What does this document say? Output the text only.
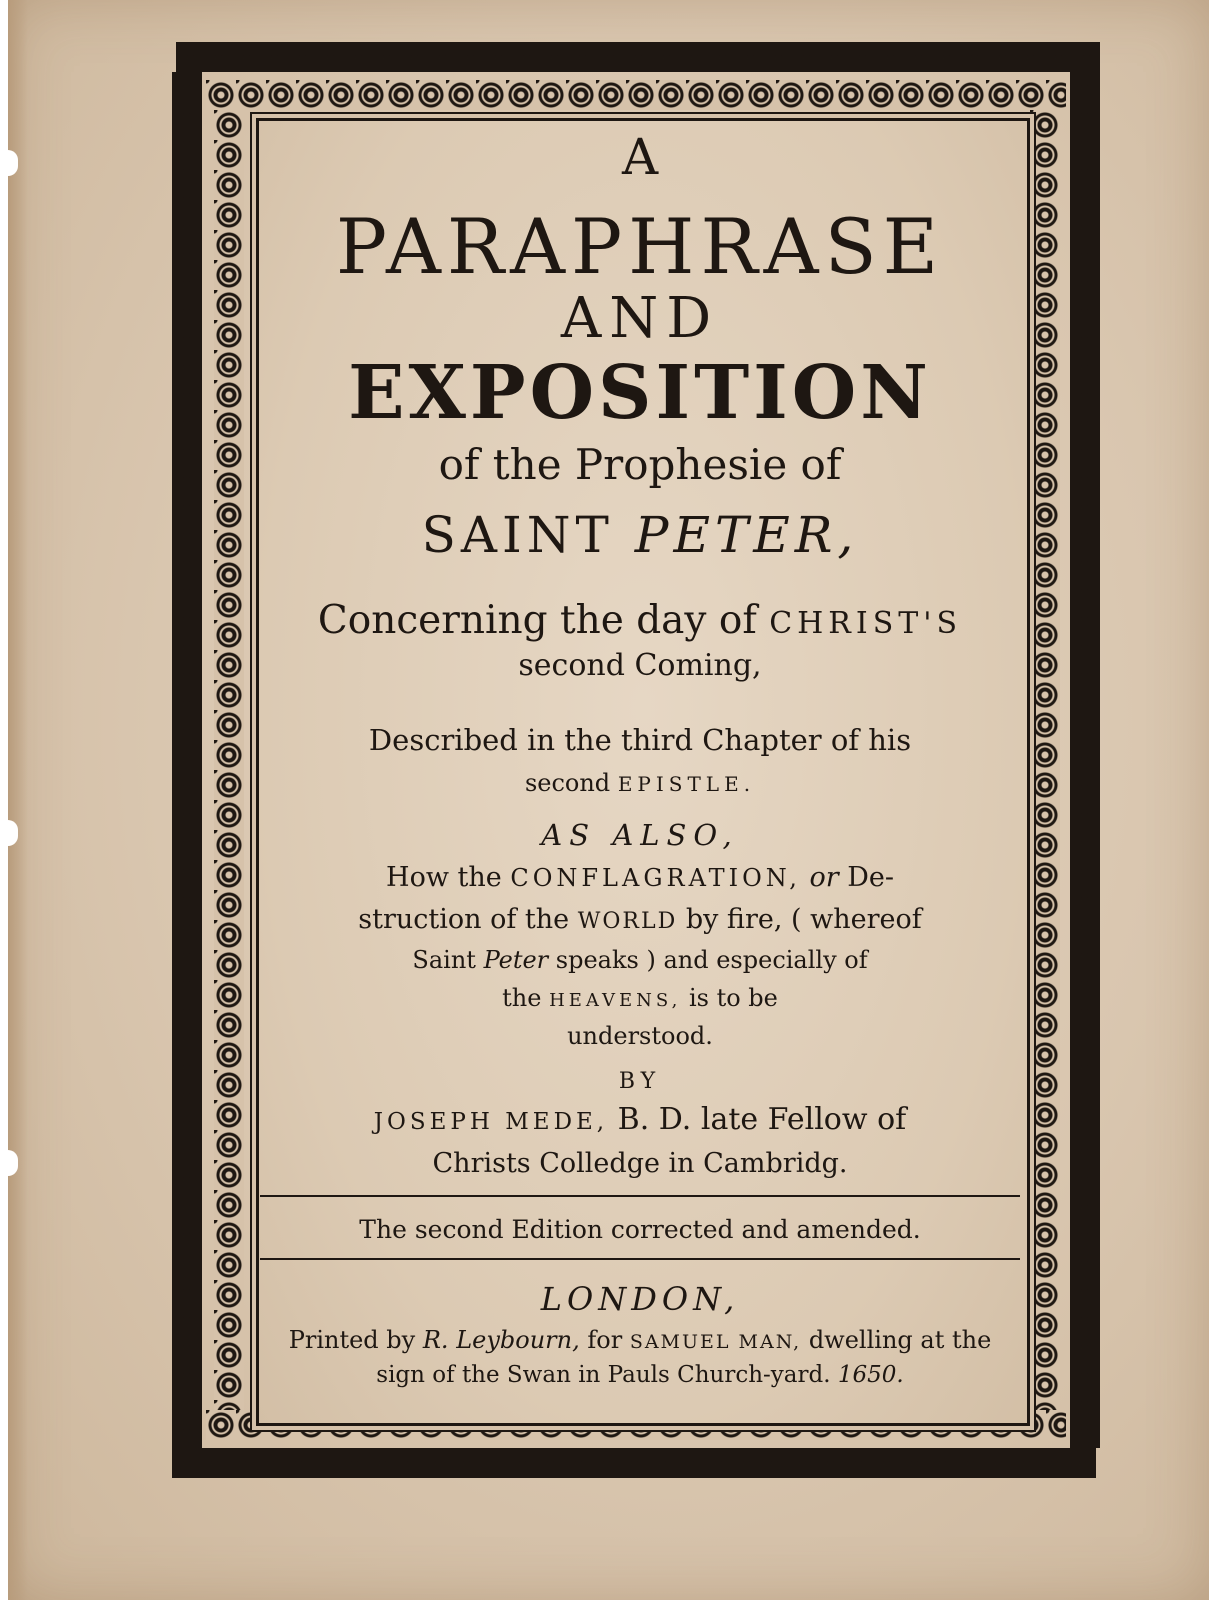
A
PARAPHRASE
AND
EXPOSITION
of the Prophesie of
SAINT PETER,
Concerning the day of CHRIST'S
second Coming,
Described in the third Chapter of his
second EPISTLE.
AS ALSO,
How the CONFLAGRATION, or De-
struction of the WORLD by fire, ( whereof
Saint Peter speaks ) and especially of
the HEAVENS, is to be
understood.
BY
JOSEPH MEDE, B. D. late Fellow of
Christs Colledge in Cambridg.
The second Edition corrected and amended.
LONDON,
Printed by R. Leybourn, for SAMUEL MAN, dwelling at the
sign of the Swan in Pauls Church-yard. 1650.
